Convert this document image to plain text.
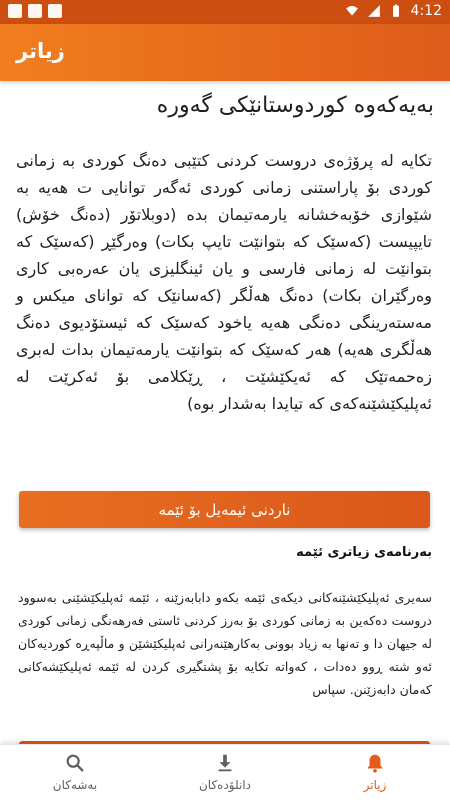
4:12
زیاتر
بەیەکەوە کوردوستانێکی گەورە
تکایە لە پرۆژەی دروست کردنی کتێبی دەنگ کوردی بە زمانی کوردی بۆ پاراستنی زمانی کوردی ئەگەر توانایی ت هەیە بە شێوازی خۆبەخشانە یارمەتیمان بدە (دوبلاتۆر (دەنگ خۆش) تایپیست (کەسێک کە بتوانێت تایپ بکات) وەرگێڕ (کەسێک کە بتوانێت لە زمانی فارسی و یان ئینگلیزی یان عەرەبی کاری وەرگێران بکات) دەنگ هەڵگر (کەسانێک کە توانای میکس و مەستەرینگی دەنگی هەیە یاخود کەسێک کە ئیستۆدیوی دەنگ هەڵگری هەیە) هەر کەسێک کە بتوانێت یارمەتیمان بدات لەبری زەحمەتێک کە ئەیکێشێت ، ڕێکلامی بۆ ئەکرێت لە ئەپلیکێشێنەکەی کە تیایدا بەشدار بوە)
ناردنی ئیمەیل بۆ ئێمە
بەرنامەی زیاتری ئێمە
سەیری ئەپلیکێشێنەکانی دیکەی ئێمە بکەو دابابەزێنە ، ئێمە ئەپلیکێشێنی بەسوود دروست دەکەین بە زمانی کوردی بۆ بەرز کردنی ئاستی فەرهەنگی زمانی کوردی لە جیهان دا و تەنها بە زیاد بوونی بەکارهێنەرانی ئەپلیکێشێن و ماڵپەڕە کوردیەکان ئەو شتە ڕوو دەدات ، کەواتە تکایە بۆ پشتگیری کردن لە ئێمە ئەپلیکێشەکانی کەمان دابەزێنن. سپاس
بەشەکان	دانلۆدەکان	زیاتر
